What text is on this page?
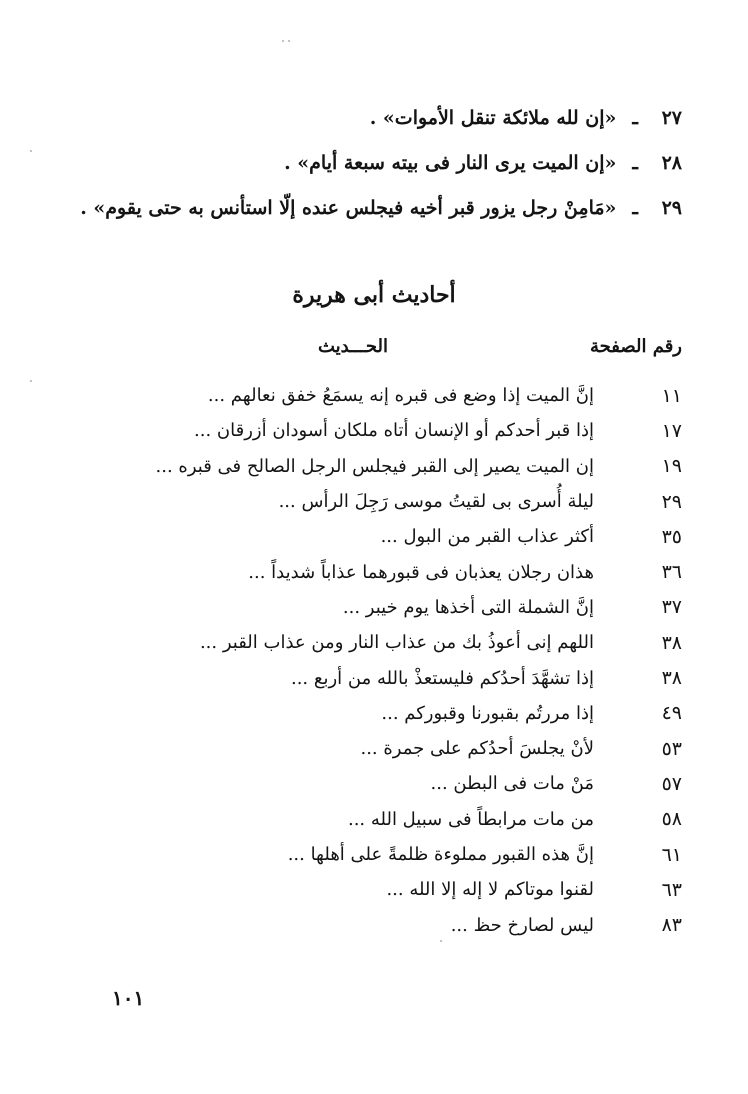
٢٧
ـ
«إن لله ملائكة تنقل الأموات» .
٢٨
ـ
«إن الميت يرى النار فى بيته سبعة أيام» .
٢٩
ـ
«مَامِنْ رجل يزور قبر أخيه فيجلس عنده إلّا استأنس به حتى يقوم» .
أحاديث أبى هريرة
رقم الصفحة
الحـــديث
١١
إنَّ الميت إذا وضع فى قبره إنه يسمَعُ خفق نعالهم ...
١٧
إذا قبر أحدكم أو الإنسان أتاه ملكان أسودان أزرقان ...
١٩
إن الميت يصير إلى القبر فيجلس الرجل الصالح فى قبره ...
٢٩
ليلة أُسرى بى لقيتُ موسى رَجِلَ الرأس ...
٣٥
أكثر عذاب القبر من البول ...
٣٦
هذان رجلان يعذبان فى قبورهما عذاباً شديداً ...
٣٧
إنَّ الشملة التى أخذها يوم خيبر ...
٣٨
اللهم إنى أعوذُ بك من عذاب النار ومن عذاب القبر ...
٣٨
إذا تشهَّدَ أحدُكم فليستعذْ بالله من أربع ...
٤٩
إذا مررتُم بقبورنا وقبوركم ...
٥٣
لأنْ يجلسَ أحدُكم على جمرة ...
٥٧
مَنْ مات فى البطن ...
٥٨
من مات مرابطاً فى سبيل الله ...
٦١
إنَّ هذه القبور مملوءة ظلمةً على أهلها ...
٦٣
لقنوا موتاكم لا إله إلا الله ...
٨٣
ليس لصارخ حظ ...
١٠١
